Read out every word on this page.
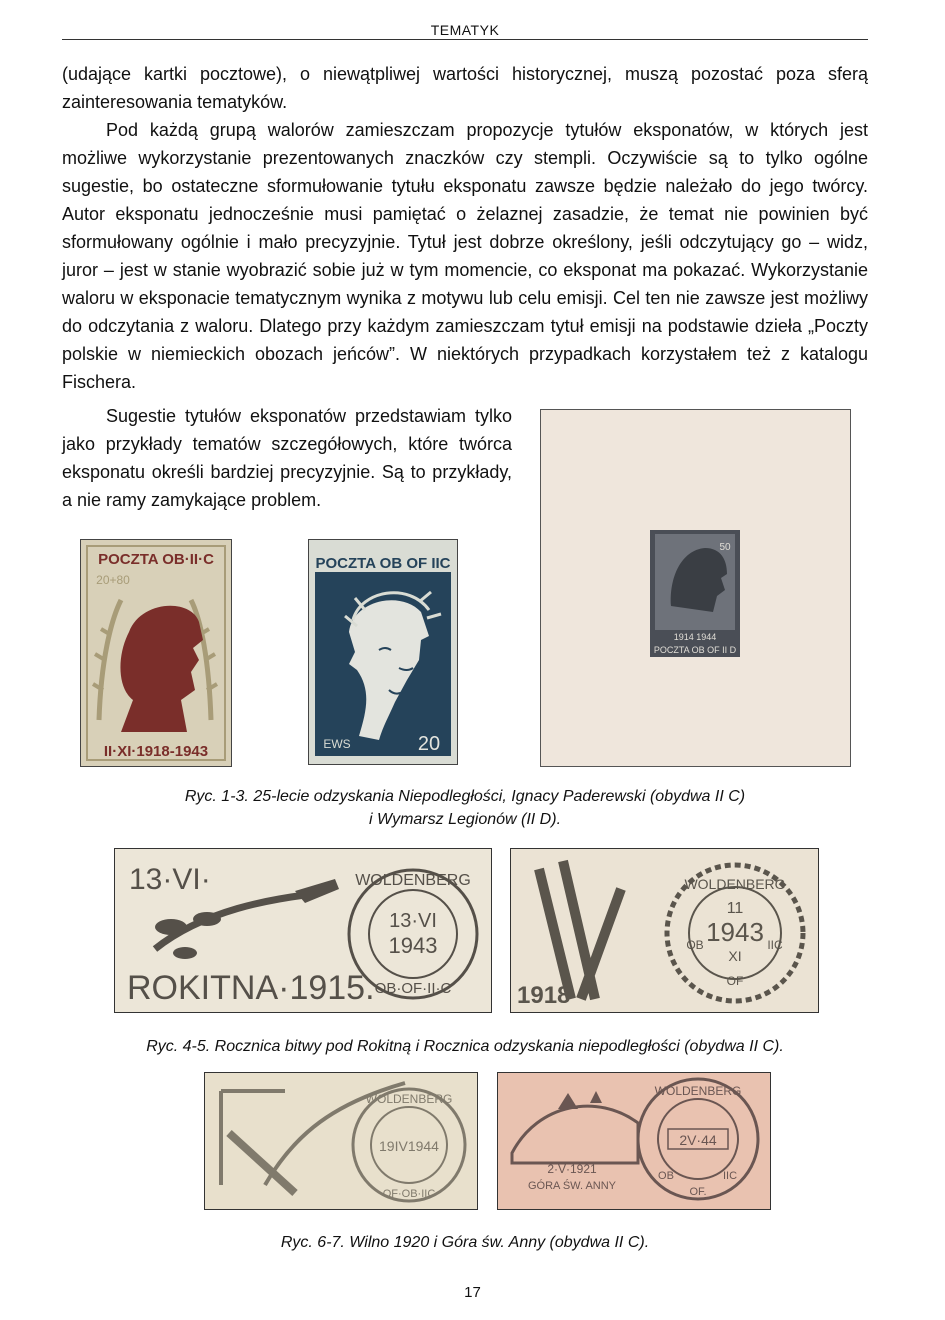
TEMATYK

(udające kartki pocztowe), o niewątpliwej wartości historycznej, muszą pozostać poza sferą zainteresowania tematyków.

Pod każdą grupą walorów zamieszczam propozycje tytułów eksponatów, w których jest możliwe wykorzystanie prezentowanych znaczków czy stempli. Oczywiście są to tylko ogólne sugestie, bo ostateczne sformułowanie tytułu eksponatu zawsze będzie należało do jego twórcy. Autor eksponatu jednocześnie musi pamiętać o żelaznej zasadzie, że temat nie powinien być sformułowany ogólnie i mało precyzyjnie. Tytuł jest dobrze określony, jeśli odczytujący go – widz, juror – jest w stanie wyobrazić sobie już w tym momencie, co eksponat ma pokazać. Wykorzystanie waloru w eksponacie tematycznym wynika z motywu lub celu emisji. Cel ten nie zawsze jest możliwy do odczytania z waloru. Dlatego przy każdym zamieszczam tytuł emisji na podstawie dzieła „Poczty polskie w niemieckich obozach jeńców”. W niektórych przypadkach korzystałem też z katalogu Fischera.

Sugestie tytułów eksponatów przedstawiam tylko jako przykłady tematów szczegółowych, które twórca eksponatu określi bardziej precyzyjnie. Są to przykłady, a nie ramy zamykające problem.

POCZTA OB·II·C
20+80
II·XI·1918-1943
POCZTA OB OF IIC
EWS	20
50
1914 1944
POCZTA OB OF II D

Ryc. 1-3. 25-lecie odzyskania Niepodległości, Ignacy Paderewski (obydwa II C)

i Wymarsz Legionów (II D).

13·VI·
ROKITNA·1915.
WOLDENBERG
13·VI
1943
OB·OF·II·C
WOLDENBERG
11
1943
XI
OB	IIC
OF
1918

Ryc. 4-5. Rocznica bitwy pod Rokitną i Rocznica odzyskania niepodległości (obydwa II C).

WOLDENBERG
19IV1944
OF·OB·IIC
2·V·1921
GÓRA ŚW. ANNY
WOLDENBERG
2V·44
OB
OF.
IIC

Ryc. 6-7. Wilno 1920 i Góra św. Anny (obydwa II C).

17
